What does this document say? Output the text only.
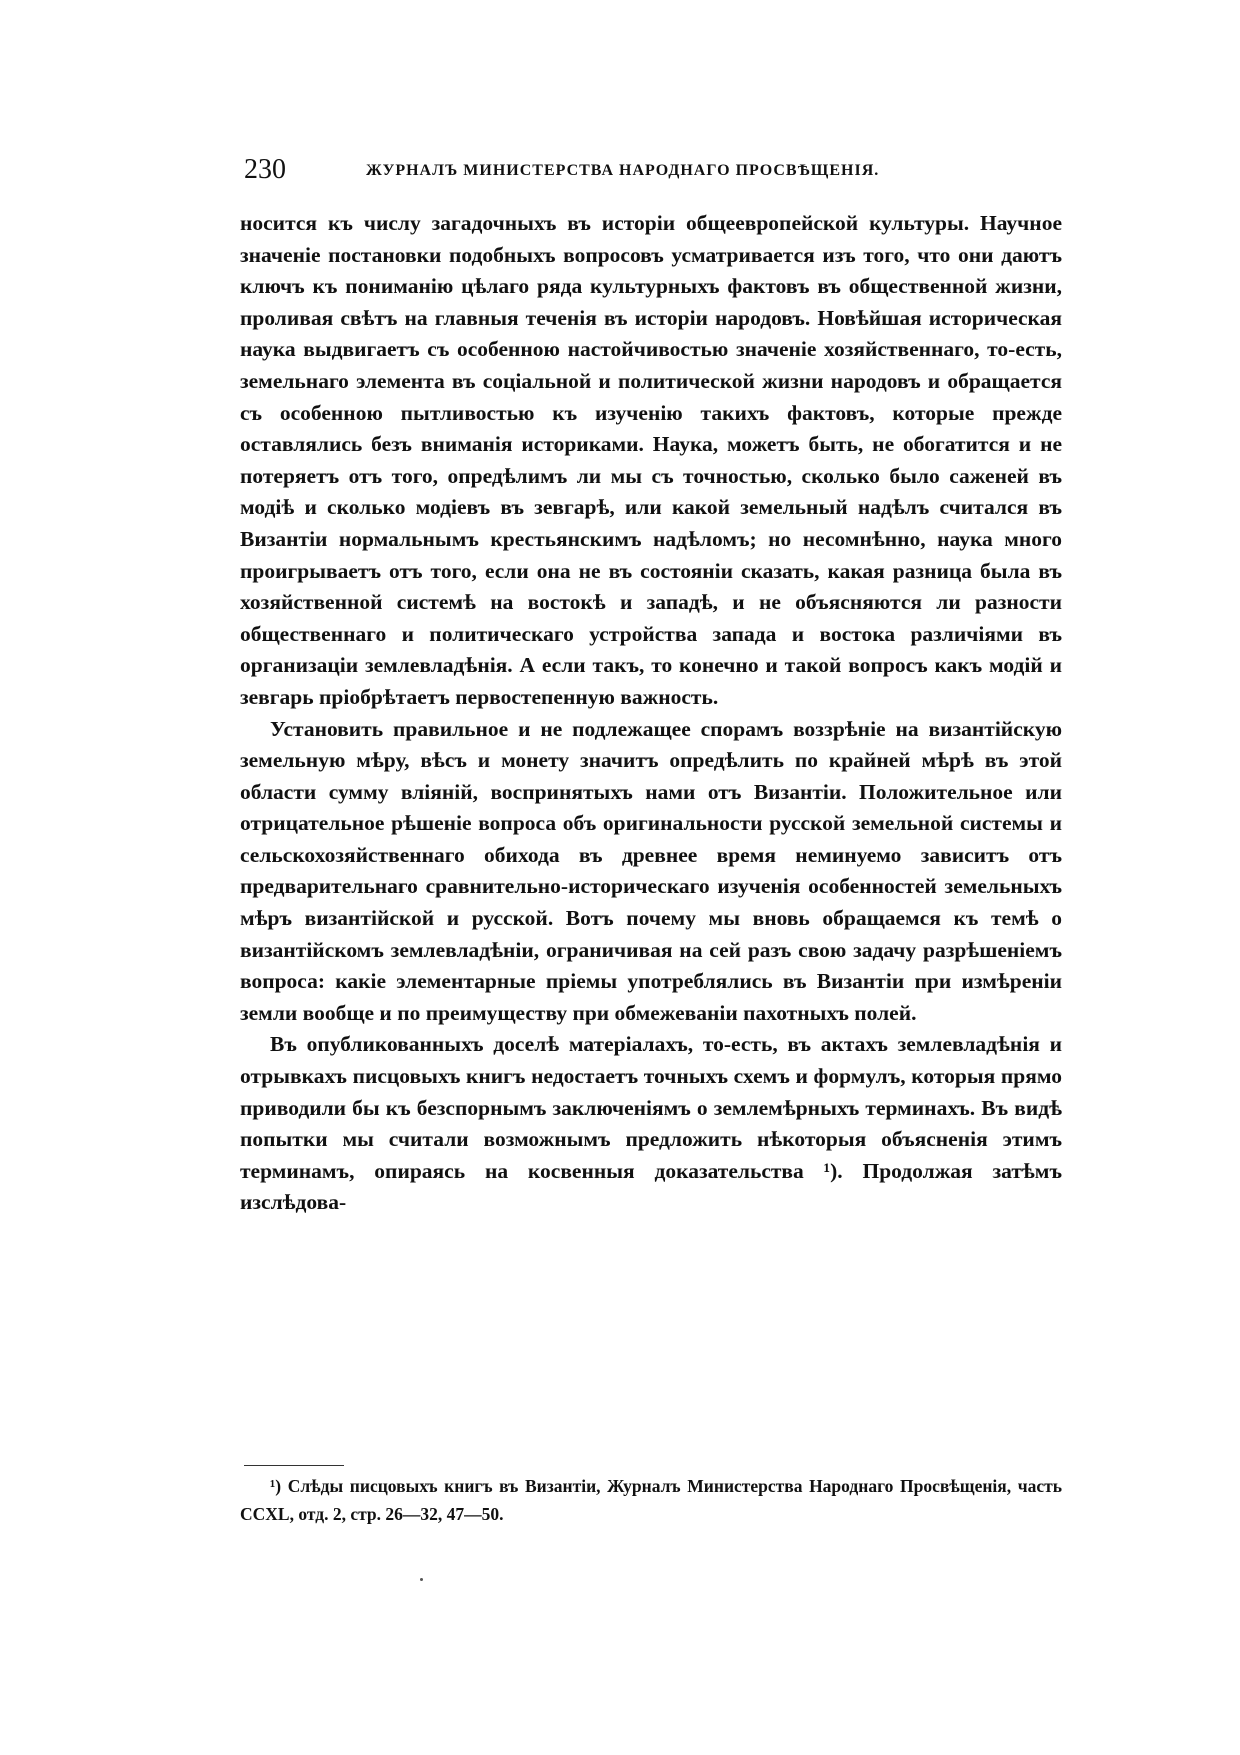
230	ЖУРНАЛЪ МИНИСТЕРСТВА НАРОДНАГО ПРОСВѢЩЕНІЯ.

носится къ числу загадочныхъ въ исторіи общеевропейской культуры. Научное значеніе постановки подобныхъ вопросовъ усматривается изъ того, что они даютъ ключъ къ пониманію цѣлаго ряда культурныхъ фактовъ въ общественной жизни, проливая свѣтъ на главныя теченія въ исторіи народовъ. Новѣйшая историческая наука выдвигаетъ съ особенною настойчивостью значеніе хозяйственнаго, то-есть, земельнаго элемента въ соціальной и политической жизни народовъ и обращается съ особенною пытливостью къ изученію такихъ фактовъ, которые прежде оставлялись безъ вниманія историками. Наука, можетъ быть, не обогатится и не потеряетъ отъ того, опредѣлимъ ли мы съ точностью, сколько было саженей въ модіѣ и сколько модіевъ въ зевгарѣ, или какой земельный надѣлъ считался въ Византіи нормальнымъ крестьянскимъ надѣломъ; но несомнѣнно, наука много проигрываетъ отъ того, если она не въ состояніи сказать, какая разница была въ хозяйственной системѣ на востокѣ и западѣ, и не объясняются ли разности общественнаго и политическаго устройства запада и востока различіями въ организаціи землевладѣнія. А если такъ, то конечно и такой вопросъ какъ модій и зевгарь пріобрѣтаетъ первостепенную важность.

Установить правильное и не подлежащее спорамъ воззрѣніе на византійскую земельную мѣру, вѣсъ и монету значитъ опредѣлить по крайней мѣрѣ въ этой области сумму вліяній, воспринятыхъ нами отъ Византіи. Положительное или отрицательное рѣшеніе вопроса объ оригинальности русской земельной системы и сельскохозяйственнаго обихода въ древнее время неминуемо зависитъ отъ предварительнаго сравнительно-историческаго изученія особенностей земельныхъ мѣръ византійской и русской. Вотъ почему мы вновь обращаемся къ темѣ о византійскомъ землевладѣніи, ограничивая на сей разъ свою задачу разрѣшеніемъ вопроса: какіе элементарные пріемы употреблялись въ Византіи при измѣреніи земли вообще и по преимуществу при обмежеваніи пахотныхъ полей.

Въ опубликованныхъ доселѣ матеріалахъ, то-есть, въ актахъ землевладѣнія и отрывкахъ писцовыхъ книгъ недостаетъ точныхъ схемъ и формулъ, которыя прямо приводили бы къ безспорнымъ заключеніямъ о землемѣрныхъ терминахъ. Въ видѣ попытки мы считали возможнымъ предложить нѣкоторыя объясненія этимъ терминамъ, опираясь на косвенныя доказательства ¹). Продолжая затѣмъ изслѣдова-

¹) Слѣды писцовыхъ книгъ въ Византіи, Журналъ Министерства Народнаго Просвѣщенія, часть CCXL, отд. 2, стр. 26—32, 47—50.
